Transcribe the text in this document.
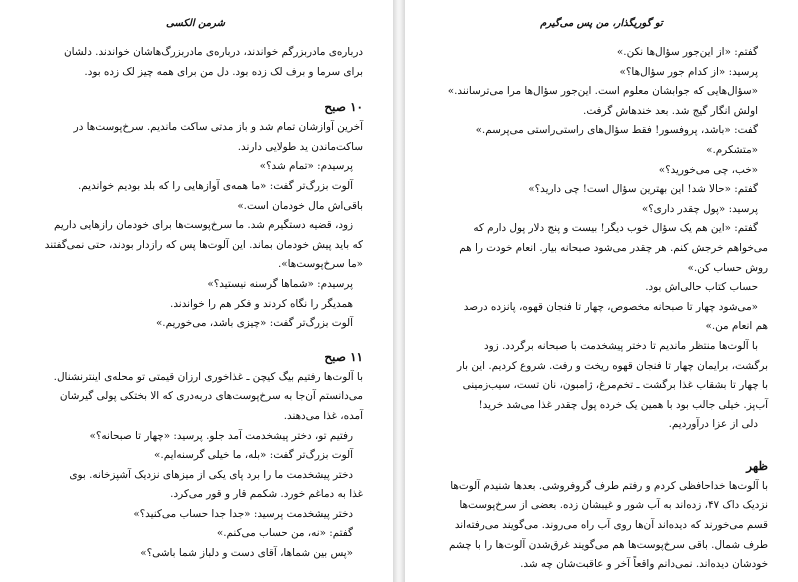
شرمن الکسی

درباره‌ی مادربزرگم خواندند، درباره‌ی مادربزرگ‌هاشان خواندند. دلشان

برای سرما و برف لک زده بود. دل من برای همه چیز لک زده بود.

۱۰ صبح

آخرین آوازشان تمام شد و باز مدتی ساکت ماندیم. سرخ‌پوست‌ها در

ساکت‌ماندن ید طولایی دارند.

پرسیدم: «تمام شد؟»

آلوت بزرگ‌تر گفت: «ما همه‌ی آوازهایی را که بلد بودیم خواندیم.

باقی‌اش مال خودمان است.»

زود، قضیه دستگیرم شد. ما سرخ‌پوست‌ها برای خودمان رازهایی داریم

که باید پیش خودمان بماند. این آلوت‌ها پس که رازدار بودند، حتی نمی‌گفتند

«ما سرخ‌پوست‌ها».

پرسیدم: «شماها گرسنه نیستید؟»

همدیگر را نگاه کردند و فکر هم را خواندند.

آلوت بزرگ‌تر گفت: «چیزی باشد، می‌خوریم.»

۱۱ صبح

با آلوت‌ها رفتیم بیگ کیچن ـ غذاخوری ارزان قیمتی تو محله‌ی اینترنشنال.

می‌دانستم آن‌جا به سرخ‌پوست‌های دربه‌دری که الا بختکی پولی گیرشان

آمده، غذا می‌دهند.

رفتیم تو، دختر پیشخدمت آمد جلو. پرسید: «چهار تا صبحانه؟»

آلوت بزرگ‌تر گفت: «بله، ما خیلی گرسنه‌ایم.»

دختر پیشخدمت ما را برد پای یکی از میزهای نزدیک آشپزخانه. بوی

غذا به دماغم خورد. شکمم قار و قور می‌کرد.

دختر پیشخدمت پرسید: «جدا جدا حساب می‌کنید؟»

گفتم: «نه، من حساب می‌کنم.»

«پس بین شماها، آقای دست و دلباز شما باشی؟»

تو گوریگذار، من پس می‌گیرم

گفتم: «از این‌جور سؤال‌ها نکن.»

پرسید: «از کدام جور سؤال‌ها؟»

«سؤال‌هایی که جوابشان معلوم است. این‌جور سؤال‌ها مرا می‌ترسانند.»

اولش انگار گیج شد. بعد خندهاش گرفت.

گفت: «باشد، پروفسور! فقط سؤال‌های راستی‌راستی می‌پرسم.»

«متشکرم.»

«خب، چی می‌خورید؟»

گفتم: «حالا شد! این بهترین سؤال است! چی دارید؟»

پرسید: «پول چقدر داری؟»

گفتم: «این هم یک سؤال خوب دیگر! بیست و پنج دلار پول دارم که

می‌خواهم خرجش کنم. هر چقدر می‌شود صبحانه بیار. انعام خودت را هم

روش حساب کن.»

حساب کتاب حالی‌اش بود.

«می‌شود چهار تا صبحانه مخصوص، چهار تا فنجان قهوه، پانزده درصد

هم انعام من.»

با آلوت‌ها منتظر ماندیم تا دختر پیشخدمت با صبحانه برگردد. زود

برگشت، برایمان چهار تا فنجان قهوه ریخت و رفت. شروع کردیم. این بار

با چهار تا بشقاب غذا برگشت ـ تخم‌مرغ، ژامبون، نان تست، سیب‌زمینی

آب‌پز. خیلی جالب بود با همین یک خرده پول چقدر غذا می‌شد خرید!

دلی از عزا درآوردیم.

ظهر

با آلوت‌ها خداحافظی کردم و رفتم طرف گروفروشی. بعدها شنیدم آلوت‌ها

نزدیک داک ۴۷، زده‌اند به آب شور و غیبشان زده. بعضی از سرخ‌پوست‌ها

قسم می‌خورند که دیده‌اند آن‌ها روی آب راه می‌روند. می‌گویند می‌رفته‌اند

طرف شمال. باقی سرخ‌پوست‌ها هم می‌گویند غرق‌شدن آلوت‌ها را با چشم

خودشان دیده‌اند. نمی‌دانم واقعاً آخر و عاقبت‌شان چه شد.
